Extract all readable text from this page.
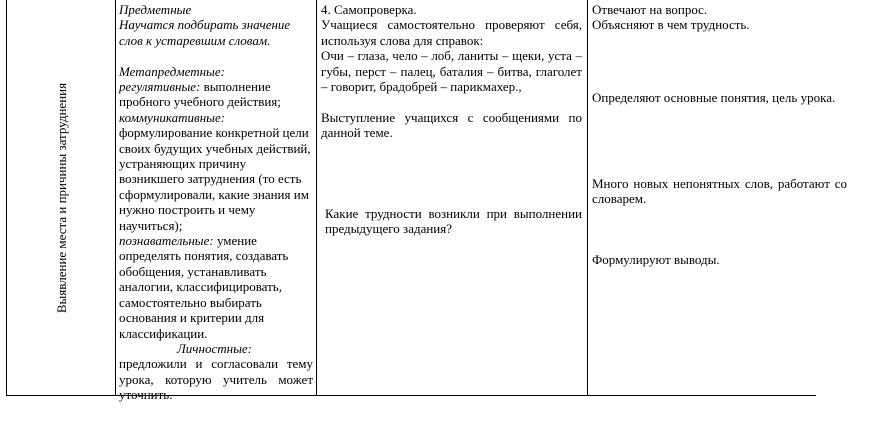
Выявление места и причины затруднения

Предметные

Научатся подбирать значение слов к устаревшим словам.

Метапредметные:

регулятивные: выполнение пробного учебного действия;

коммуникативные:

формулирование конкретной цели своих будущих учебных действий, устраняющих причину возникшего затруднения (то есть сформулировали, какие знания им нужно построить и чему научиться);

познавательные: умение определять понятия, создавать обобщения, устанавливать аналогии, классифицировать, самостоятельно выбирать основания и критерии для классификации.

Личностные:

предложили и согласовали тему урока, которую учитель может уточнить.

4. Самопроверка.

Учащиеся самостоятельно проверяют себя, используя слова для справок:

Очи – глаза, чело – лоб, ланиты – щеки, уста – губы, перст – палец, баталия – битва, глаголет – говорит, брадобрей – парикмахер.,

Выступление учащихся с сообщениями по данной теме.

Какие трудности возникли при выполнении предыдущего задания?

Отвечают на вопрос.

Объясняют в чем трудность.

Определяют основные понятия, цель урока.

Много новых непонятных слов, работают со словарем.

Формулируют выводы.
